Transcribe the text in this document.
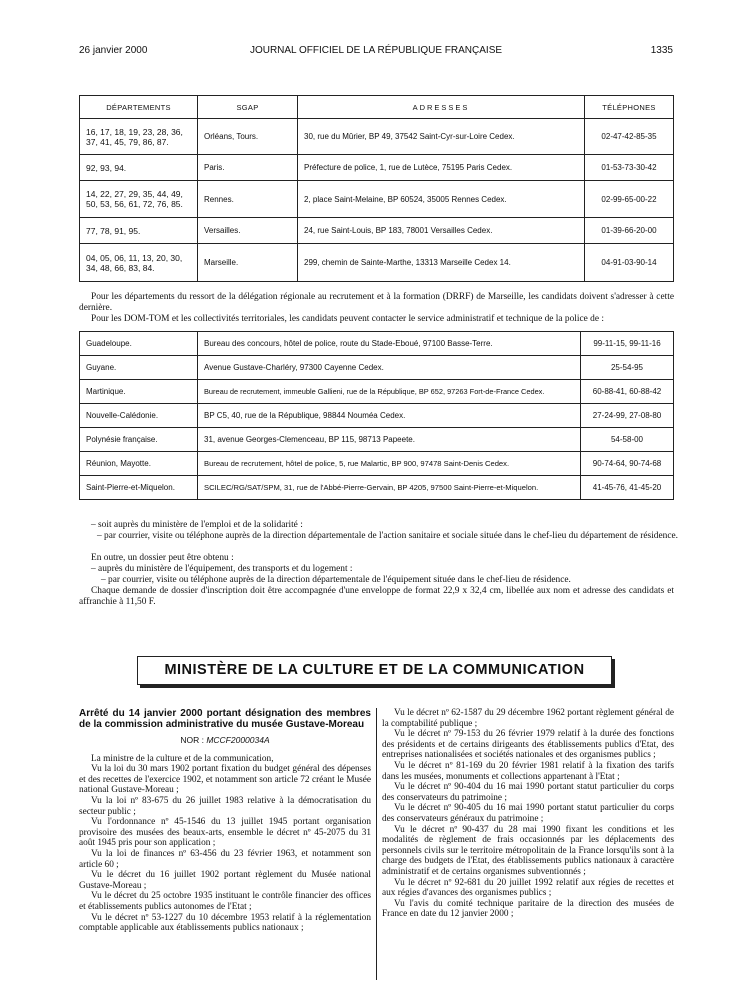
26 janvier 2000	JOURNAL OFFICIEL DE LA RÉPUBLIQUE FRANÇAISE	1335
DÉPARTEMENTS	SGAP	ADRESSES	TÉLÉPHONES
16, 17, 18, 19, 23, 28, 36, 37, 41, 45, 79, 86, 87.	Orléans, Tours.	30, rue du Mûrier, BP 49, 37542 Saint-Cyr-sur-Loire Cedex.	02-47-42-85-35
92, 93, 94.	Paris.	Préfecture de police, 1, rue de Lutèce, 75195 Paris Cedex.	01-53-73-30-42
14, 22, 27, 29, 35, 44, 49, 50, 53, 56, 61, 72, 76, 85.	Rennes.	2, place Saint-Melaine, BP 60524, 35005 Rennes Cedex.	02-99-65-00-22
77, 78, 91, 95.	Versailles.	24, rue Saint-Louis, BP 183, 78001 Versailles Cedex.	01-39-66-20-00
04, 05, 06, 11, 13, 20, 30, 34, 48, 66, 83, 84.	Marseille.	299, chemin de Sainte-Marthe, 13313 Marseille Cedex 14.	04-91-03-90-14
Pour les départements du ressort de la délégation régionale au recrutement et à la formation (DRRF) de Marseille, les candidats doivent s'adresser à cette dernière.
Pour les DOM-TOM et les collectivités territoriales, les candidats peuvent contacter le service administratif et technique de la police de :
Guadeloupe.	Bureau des concours, hôtel de police, route du Stade-Eboué, 97100 Basse-Terre.	99-11-15, 99-11-16
Guyane.	Avenue Gustave-Charléry, 97300 Cayenne Cedex.	25-54-95
Martinique.	Bureau de recrutement, immeuble Gallieni, rue de la République, BP 652, 97263 Fort-de-France Cedex.	60-88-41, 60-88-42
Nouvelle-Calédonie.	BP C5, 40, rue de la République, 98844 Nouméa Cedex.	27-24-99, 27-08-80
Polynésie française.	31, avenue Georges-Clemenceau, BP 115, 98713 Papeete.	54-58-00
Réunion, Mayotte.	Bureau de recrutement, hôtel de police, 5, rue Malartic, BP 900, 97478 Saint-Denis Cedex.	90-74-64, 90-74-68
Saint-Pierre-et-Miquelon.	SCILEC/RG/SAT/SPM, 31, rue de l'Abbé-Pierre-Gervain, BP 4205, 97500 Saint-Pierre-et-Miquelon.	41-45-76, 41-45-20
– soit auprès du ministère de l'emploi et de la solidarité :
– par courrier, visite ou téléphone auprès de la direction départementale de l'action sanitaire et sociale située dans le chef-lieu du département de résidence.
En outre, un dossier peut être obtenu :
– auprès du ministère de l'équipement, des transports et du logement :
– par courrier, visite ou téléphone auprès de la direction départementale de l'équipement située dans le chef-lieu de résidence.
Chaque demande de dossier d'inscription doit être accompagnée d'une enveloppe de format 22,9 x 32,4 cm, libellée aux nom et adresse des candidats et affranchie à 11,50 F.
MINISTÈRE DE LA CULTURE ET DE LA COMMUNICATION

Arrêté du 14 janvier 2000 portant désignation des membres de la commission administrative du musée Gustave-Moreau

NOR : MCCF2000034A

La ministre de la culture et de la communication,

Vu la loi du 30 mars 1902 portant fixation du budget général des dépenses et des recettes de l'exercice 1902, et notamment son article 72 créant le Musée national Gustave-Moreau ;

Vu la loi nº 83-675 du 26 juillet 1983 relative à la démocratisation du secteur public ;

Vu l'ordonnance nº 45-1546 du 13 juillet 1945 portant organisation provisoire des musées des beaux-arts, ensemble le décret nº 45-2075 du 31 août 1945 pris pour son application ;

Vu la loi de finances nº 63-456 du 23 février 1963, et notamment son article 60 ;

Vu le décret du 16 juillet 1902 portant règlement du Musée national Gustave-Moreau ;

Vu le décret du 25 octobre 1935 instituant le contrôle financier des offices et établissements publics autonomes de l'Etat ;

Vu le décret nº 53-1227 du 10 décembre 1953 relatif à la réglementation comptable applicable aux établissements publics nationaux ;

Vu le décret nº 62-1587 du 29 décembre 1962 portant règlement général de la comptabilité publique ;

Vu le décret nº 79-153 du 26 février 1979 relatif à la durée des fonctions des présidents et de certains dirigeants des établissements publics d'Etat, des entreprises nationalisées et sociétés nationales et des organismes publics ;

Vu le décret nº 81-169 du 20 février 1981 relatif à la fixation des tarifs dans les musées, monuments et collections appartenant à l'Etat ;

Vu le décret nº 90-404 du 16 mai 1990 portant statut particulier du corps des conservateurs du patrimoine ;

Vu le décret nº 90-405 du 16 mai 1990 portant statut particulier du corps des conservateurs généraux du patrimoine ;

Vu le décret nº 90-437 du 28 mai 1990 fixant les conditions et les modalités de règlement de frais occasionnés par les déplacements des personnels civils sur le territoire métropolitain de la France lorsqu'ils sont à la charge des budgets de l'Etat, des établissements publics nationaux à caractère administratif et de certains organismes subventionnés ;

Vu le décret nº 92-681 du 20 juillet 1992 relatif aux régies de recettes et aux régies d'avances des organismes publics ;

Vu l'avis du comité technique paritaire de la direction des musées de France en date du 12 janvier 2000 ;
